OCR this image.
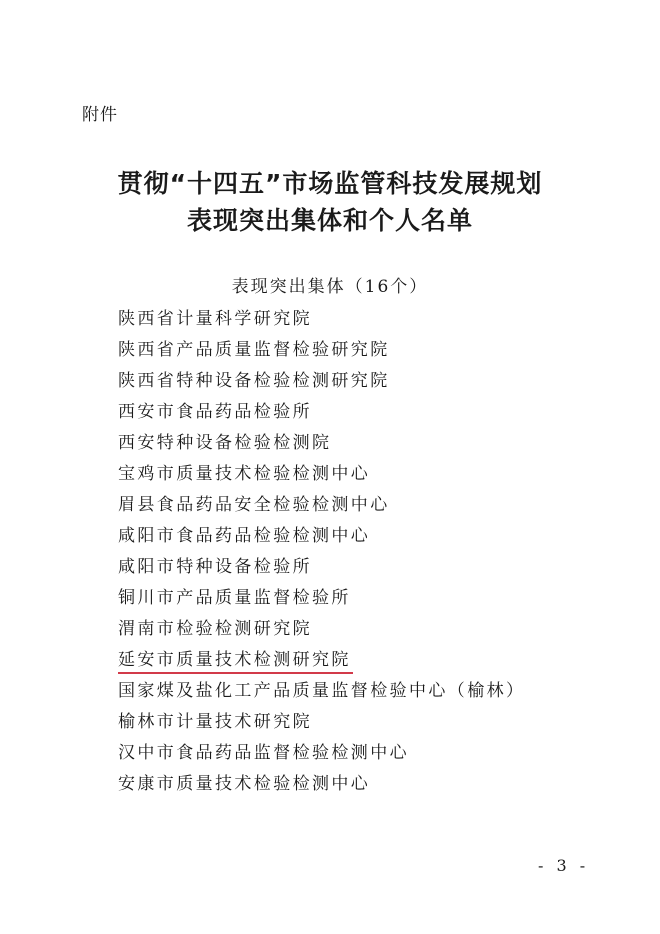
附件
贯彻“十四五”市场监管科技发展规划
表现突出集体和个人名单
表现突出集体（16个）
陕西省计量科学研究院
陕西省产品质量监督检验研究院
陕西省特种设备检验检测研究院
西安市食品药品检验所
西安特种设备检验检测院
宝鸡市质量技术检验检测中心
眉县食品药品安全检验检测中心
咸阳市食品药品检验检测中心
咸阳市特种设备检验所
铜川市产品质量监督检验所
渭南市检验检测研究院
延安市质量技术检测研究院
国家煤及盐化工产品质量监督检验中心（榆林）
榆林市计量技术研究院
汉中市食品药品监督检验检测中心
安康市质量技术检验检测中心
- 3 -
